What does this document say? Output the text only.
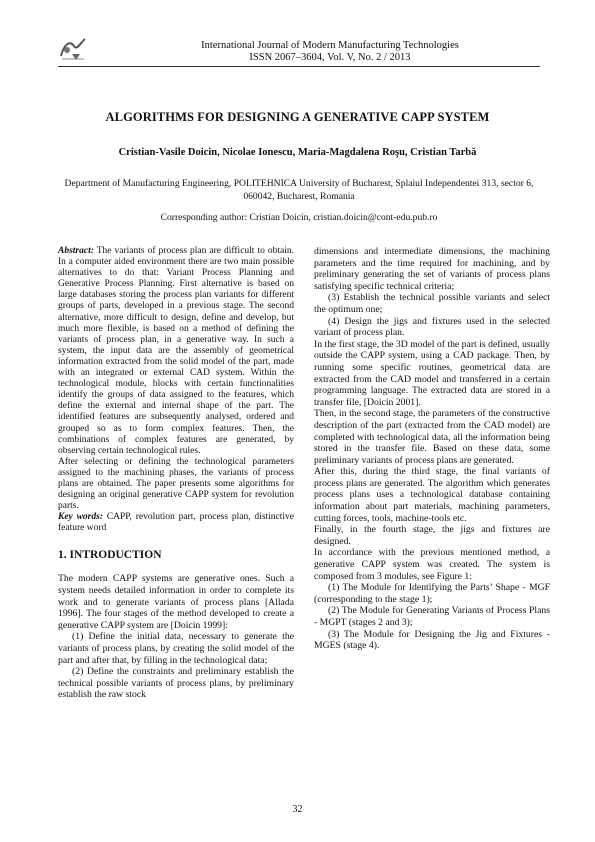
International Journal of Modern Manufacturing Technologies
ISSN 2067–3604, Vol. V, No. 2 / 2013
ALGORITHMS FOR DESIGNING A GENERATIVE CAPP SYSTEM
Cristian-Vasile Doicin, Nicolae Ionescu, Maria-Magdalena Roşu, Cristian Tarbă
Department of Manufacturing Engineering, POLITEHNICA University of Bucharest, Splaiul Independentei 313, sector 6, 060042, Bucharest, Romania
Corresponding author: Cristian Doicin, cristian.doicin@cont-edu.pub.ro

Abstract: The variants of process plan are difficult to obtain. In a computer aided environment there are two main possible alternatives to do that: Variant Process Planning and Generative Process Planning. First alternative is based on large databases storing the process plan variants for different groups of parts, developed in a previous stage. The second alternative, more difficult to design, define and develop, but much more flexible, is based on a method of defining the variants of process plan, in a generative way. In such a system, the input data are the assembly of geometrical information extracted from the solid model of the part, made with an integrated or external CAD system. Within the technological module, blocks with certain functionalities identify the groups of data assigned to the features, which define the external and internal shape of the part. The identified features are subsequently analysed, ordered and grouped so as to form complex features. Then, the combinations of complex features are generated, by observing certain technological rules.

After selecting or defining the technological parameters assigned to the machining phases, the variants of process plans are obtained. The paper presents some algorithms for designing an original generative CAPP system for revolution parts.

Key words: CAPP, revolution part, process plan, distinctive feature word

1. INTRODUCTION

The modern CAPP systems are generative ones. Such a system needs detailed information in order to complete its work and to generate variants of process plans [Allada 1996]. The four stages of the method developed to create a generative CAPP system are [Doicin 1999]:

(1) Define the initial data, necessary to generate the variants of process plans, by creating the solid model of the part and after that, by filling in the technological data;

(2) Define the constraints and preliminary establish the technical possible variants of process plans, by preliminary establish the raw stock

dimensions and intermediate dimensions, the machining parameters and the time required for machining, and by preliminary generating the set of variants of process plans satisfying specific technical criteria;

(3) Establish the technical possible variants and select the optimum one;

(4) Design the jigs and fixtures used in the selected variant of process plan.

In the first stage, the 3D model of the part is defined, usually outside the CAPP system, using a CAD package. Then, by running some specific routines, geometrical data are extracted from the CAD model and transferred in a certain programming language. The extracted data are stored in a transfer file, [Doicin 2001].

Then, in the second stage, the parameters of the constructive description of the part (extracted from the CAD model) are completed with technological data, all the information being stored in the transfer file. Based on these data, some preliminary variants of process plans are generated.

After this, during the third stage, the final variants of process plans are generated. The algorithm which generates process plans uses a technological database containing information about part materials, machining parameters, cutting forces, tools, machine-tools etc.

Finally, in the fourth stage, the jigs and fixtures are designed.

In accordance with the previous mentioned method, a generative CAPP system was created. The system is composed from 3 modules, see Figure 1:

(1) The Module for Identifying the Parts’ Shape - MGF (corresponding to the stage 1);

(2) The Module for Generating Variants of Process Plans - MGPT (stages 2 and 3);

(3) The Module for Designing the Jig and Fixtures - MGES (stage 4).

32
